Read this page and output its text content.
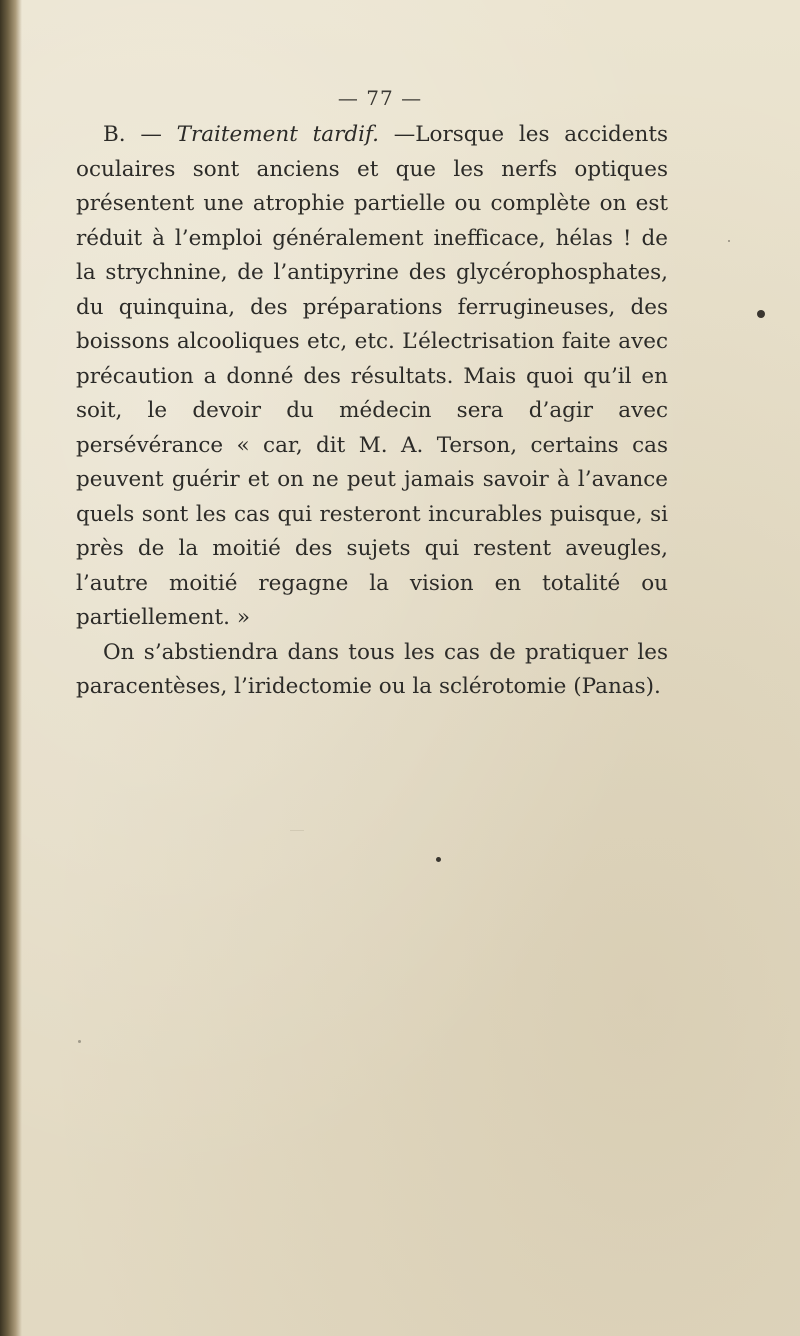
— 77 —

B. — Traitement tardif. —Lorsque les accidents oculaires sont anciens et que les nerfs optiques présentent une atrophie partielle ou complète on est réduit à l’emploi généralement inefficace, hélas ! de la strychnine, de l’antipyrine des glycérophosphates, du quinquina, des préparations ferrugineuses, des boissons alcooliques etc, etc. L’électrisation faite avec précaution a donné des résultats. Mais quoi qu’il en soit, le devoir du médecin sera d’agir avec persévérance « car, dit M. A. Terson, certains cas peuvent guérir et on ne peut jamais savoir à l’avance quels sont les cas qui resteront incurables puisque, si près de la moitié des sujets qui restent aveugles, l’autre moitié regagne la vision en totalité ou partiellement. »

On s’abstiendra dans tous les cas de pratiquer les paracentèses, l’iridectomie ou la sclérotomie (Panas).
